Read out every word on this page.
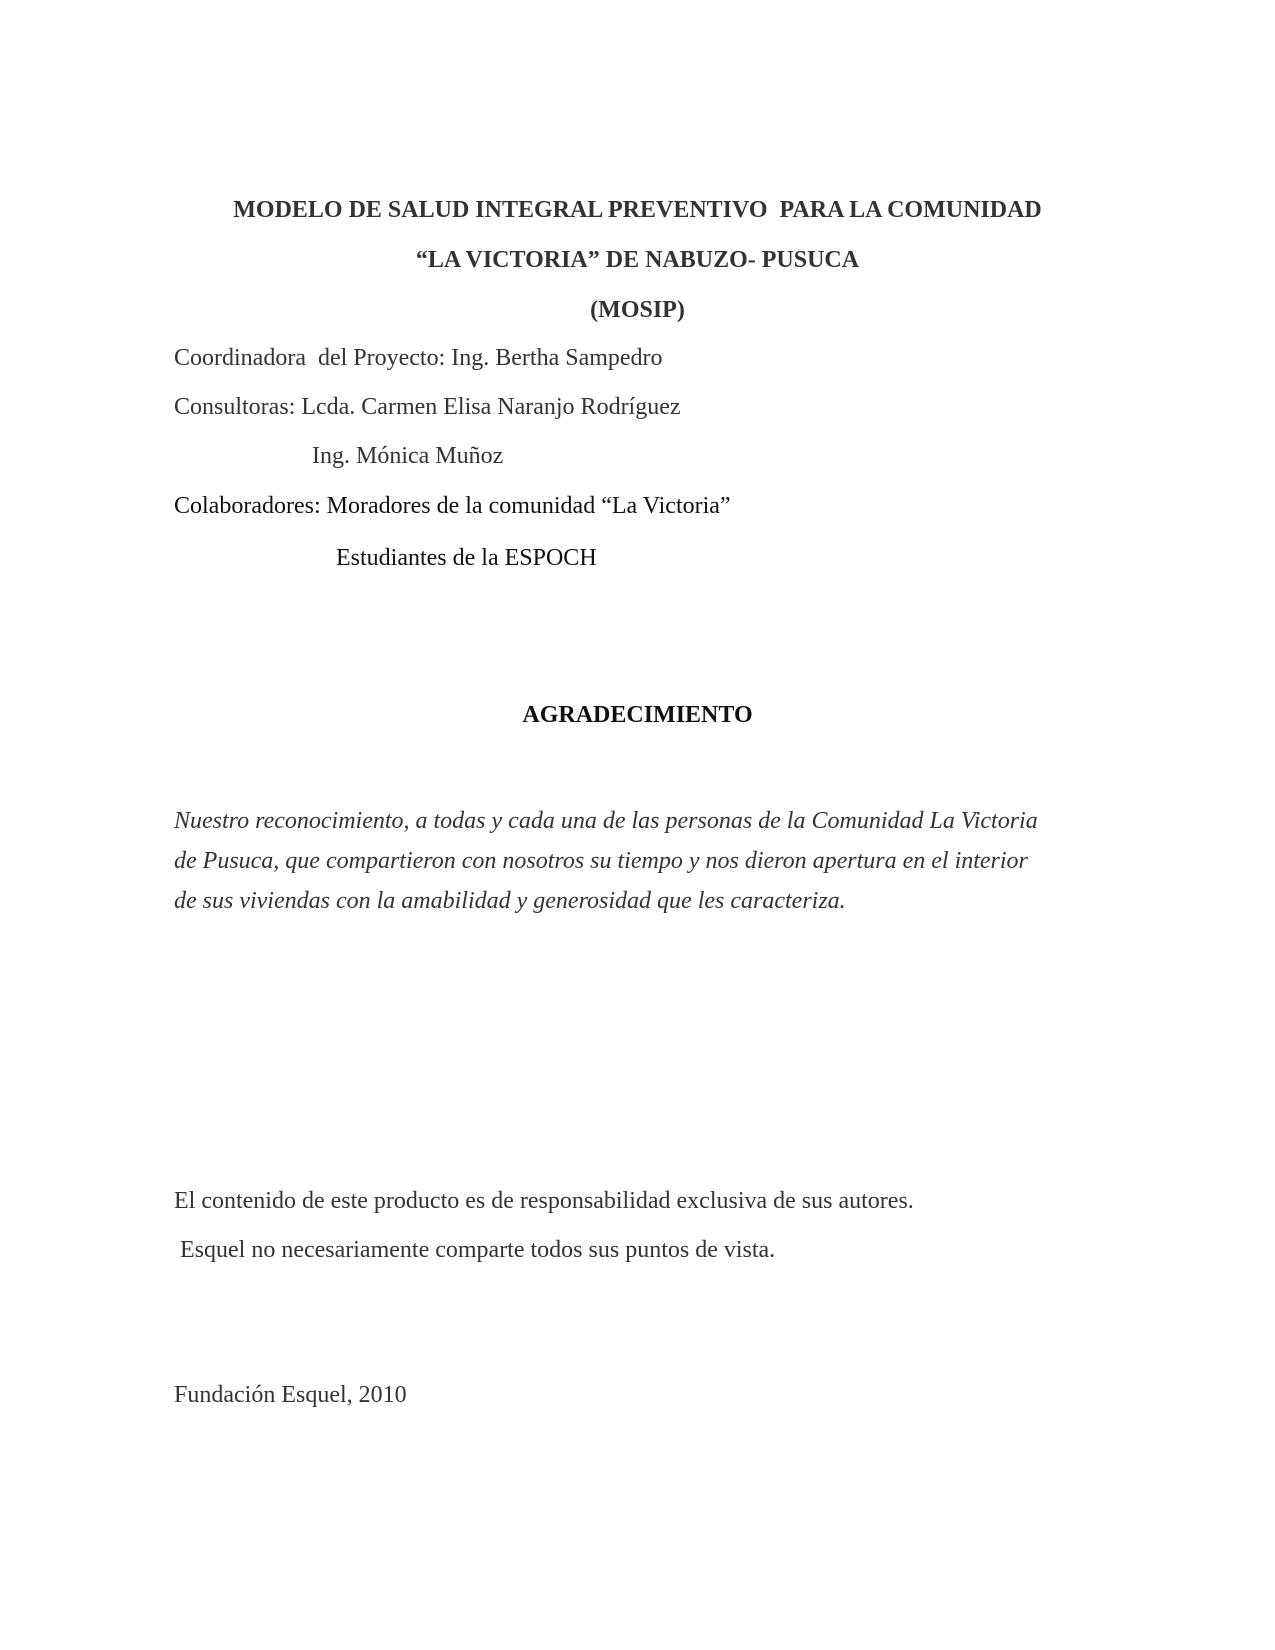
MODELO DE SALUD INTEGRAL PREVENTIVO  PARA LA COMUNIDAD
“LA VICTORIA” DE NABUZO- PUSUCA
(MOSIP)
Coordinadora  del Proyecto: Ing. Bertha Sampedro
Consultoras: Lcda. Carmen Elisa Naranjo Rodríguez
Ing. Mónica Muñoz
Colaboradores: Moradores de la comunidad “La Victoria”
Estudiantes de la ESPOCH
AGRADECIMIENTO
Nuestro reconocimiento, a todas y cada una de las personas de la Comunidad La Victoria
de Pusuca, que compartieron con nosotros su tiempo y nos dieron apertura en el interior
de sus viviendas con la amabilidad y generosidad que les caracteriza.
El contenido de este producto es de responsabilidad exclusiva de sus autores.
Esquel no necesariamente comparte todos sus puntos de vista.
Fundación Esquel, 2010
